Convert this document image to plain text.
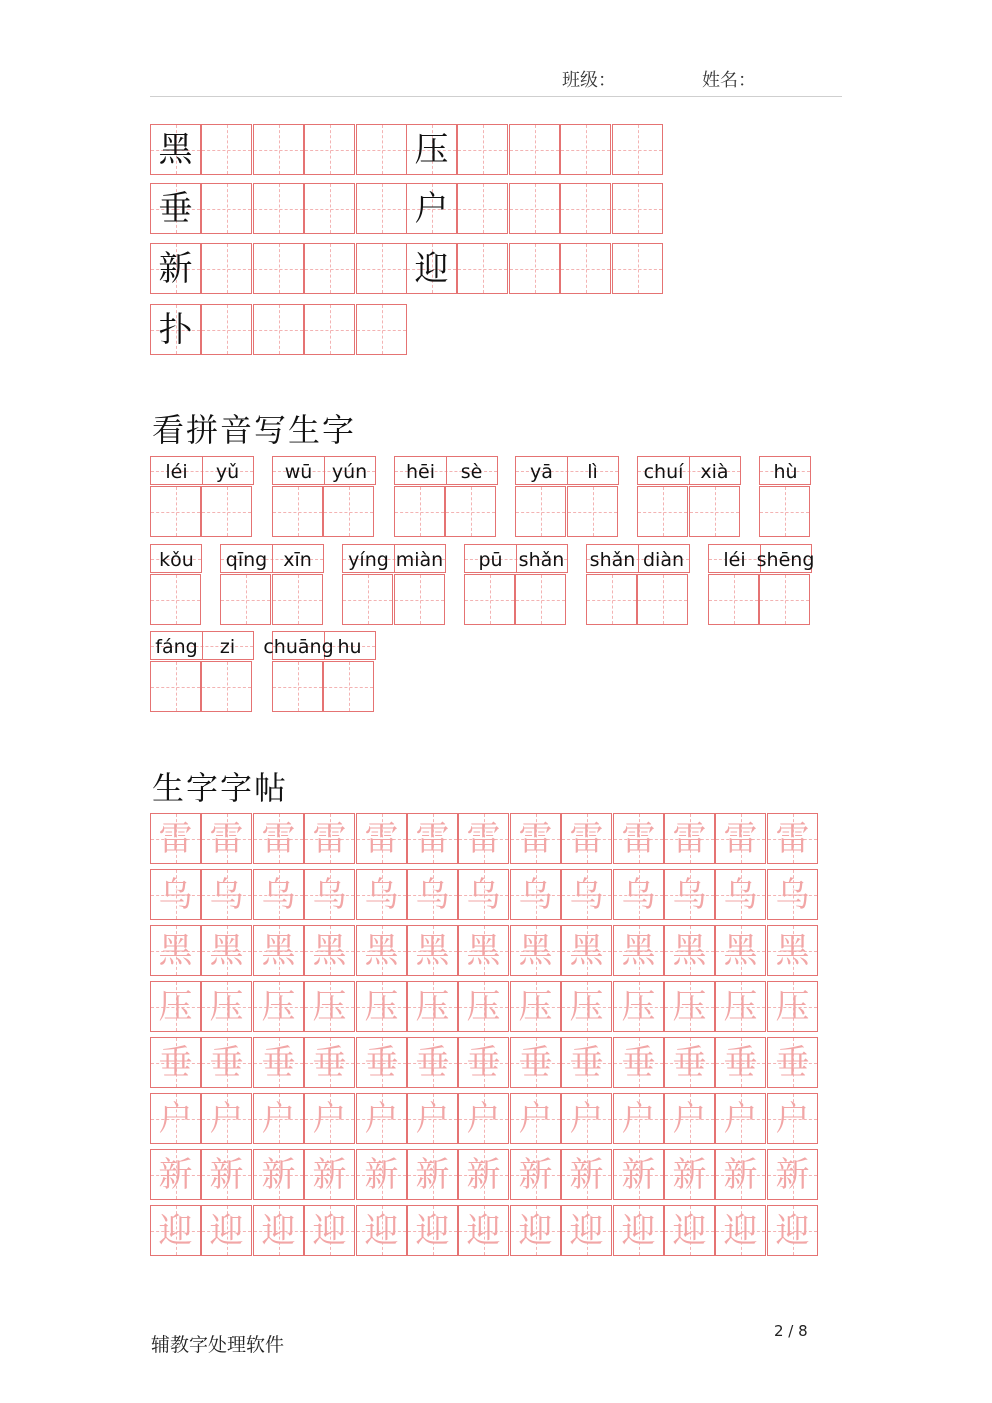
班级：	姓名：
看拼音写生字
生字字帖
辅教字处理软件
2 / 8
黑	压
垂	户
新	迎
扑
léi	yǔ	wū	yún	hēi	sè	yā	lì	chuí xià	hù
kǒu	qīng xīn	yíng miàn	pū shǎn shǎn diàn	léi shēng
fáng	zi	chuāng hu
雷 雷 雷 雷 雷 雷 雷 雷 雷 雷 雷 雷 雷
乌 乌 乌 乌 乌 乌 乌 乌 乌 乌 乌 乌 乌
黑 黑 黑 黑 黑 黑 黑 黑 黑 黑 黑 黑 黑
压 压 压 压 压 压 压 压 压 压 压 压 压
垂 垂 垂 垂 垂 垂 垂 垂 垂 垂 垂 垂 垂
户 户 户 户 户 户 户 户 户 户 户 户 户
新 新 新 新 新 新 新 新 新 新 新 新 新
迎 迎 迎 迎 迎 迎 迎 迎 迎 迎 迎 迎 迎
